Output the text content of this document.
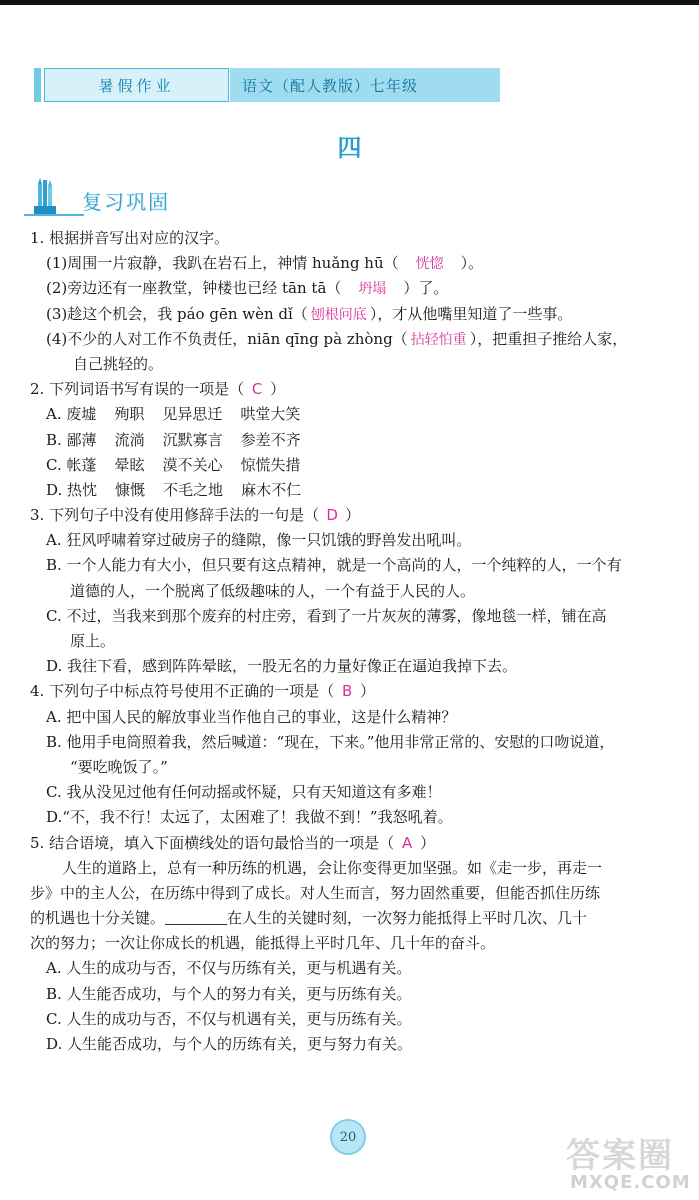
暑假作业	语文（配人教版）七年级
四
复习巩固
1. 根据拼音写出对应的汉字。
(1)周围一片寂静，我趴在岩石上，神情 huǎng hū（ 恍惚 ）。
(2)旁边还有一座教堂，钟楼也已经 tān tā（ 坍塌 ）了。
(3)趁这个机会，我 páo gēn wèn dǐ（ 刨根问底 ），才从他嘴里知道了一些事。
(4)不少的人对工作不负责任，niān qīng pà zhòng（ 拈轻怕重 ），把重担子推给人家，
自己挑轻的。
2. 下列词语书写有误的一项是（ C ）
A. 废墟 殉职 见异思迁 哄堂大笑
B. 鄙薄 流淌 沉默寡言 参差不齐
C. 帐蓬 晕眩 漠不关心 惊慌失措
D. 热忱 慷慨 不毛之地 麻木不仁
3. 下列句子中没有使用修辞手法的一句是（ D ）
A. 狂风呼啸着穿过破房子的缝隙，像一只饥饿的野兽发出吼叫。
B. 一个人能力有大小，但只要有这点精神，就是一个高尚的人，一个纯粹的人，一个有
道德的人，一个脱离了低级趣味的人，一个有益于人民的人。
C. 不过，当我来到那个废弃的村庄旁，看到了一片灰灰的薄雾，像地毯一样，铺在高
原上。
D. 我往下看，感到阵阵晕眩，一股无名的力量好像正在逼迫我掉下去。
4. 下列句子中标点符号使用不正确的一项是（ B ）
A. 把中国人民的解放事业当作他自己的事业，这是什么精神？
B. 他用手电筒照着我，然后喊道：“现在，下来。”他用非常正常的、安慰的口吻说道，
“要吃晚饭了。”
C. 我从没见过他有任何动摇或怀疑，只有天知道这有多难！
D.“不，我不行！太远了，太困难了！我做不到！”我怒吼着。
5. 结合语境，填入下面横线处的语句最恰当的一项是（ A ）
人生的道路上，总有一种历练的机遇，会让你变得更加坚强。如《走一步，再走一
步》中的主人公，在历练中得到了成长。对人生而言，努力固然重要，但能否抓住历练
的机遇也十分关键。	在人生的关键时刻，一次努力能抵得上平时几次、几十
次的努力；一次让你成长的机遇，能抵得上平时几年、几十年的奋斗。
A. 人生的成功与否，不仅与历练有关，更与机遇有关。
B. 人生能否成功，与个人的努力有关，更与历练有关。
C. 人生的成功与否，不仅与机遇有关，更与历练有关。
D. 人生能否成功，与个人的历练有关，更与努力有关。
20	答案圈
MXQE.COM
